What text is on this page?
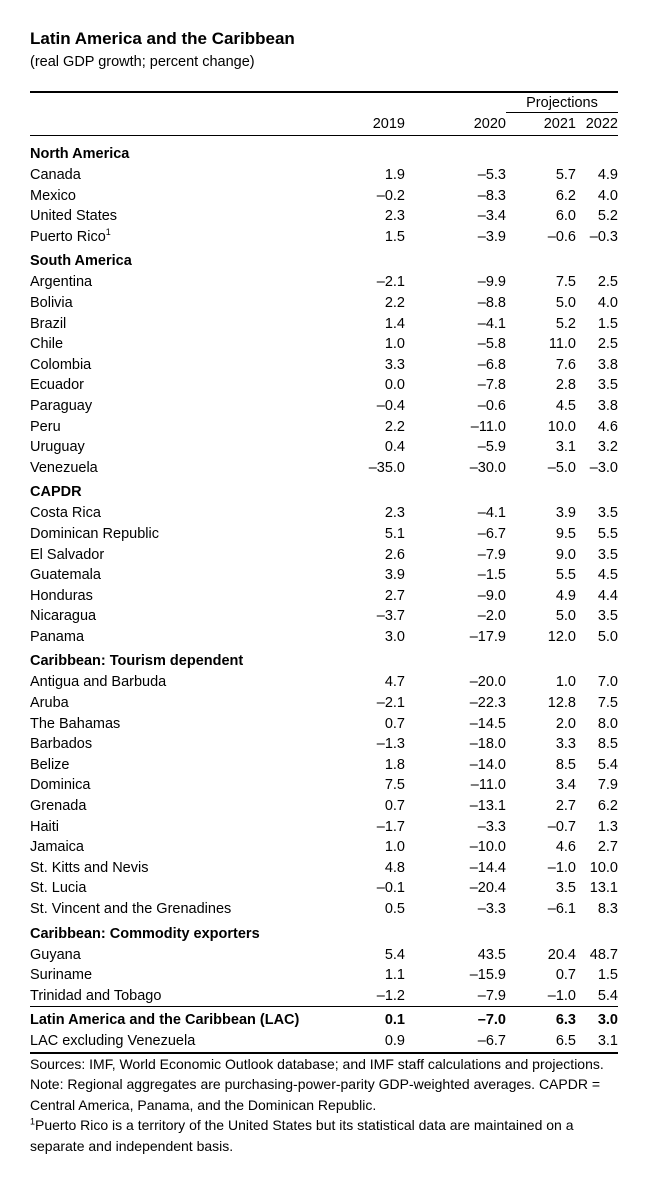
Latin America and the Caribbean
(real GDP growth; percent change)
Projections
2019	2020	2021 2022
North America				
Canada	1.9	–5.3	5.7	4.9
Mexico	–0.2	–8.3	6.2	4.0
United States	2.3	–3.4	6.0	5.2
Puerto Rico$^1$	1.5	–3.9	–0.6	–0.3
South America				
Argentina	–2.1	–9.9	7.5	2.5
Bolivia	2.2	–8.8	5.0	4.0
Brazil	1.4	–4.1	5.2	1.5
Chile	1.0	–5.8	11.0	2.5
Colombia	3.3	–6.8	7.6	3.8
Ecuador	0.0	–7.8	2.8	3.5
Paraguay	–0.4	–0.6	4.5	3.8
Peru	2.2	–11.0	10.0	4.6
Uruguay	0.4	–5.9	3.1	3.2
Venezuela	–35.0	–30.0	–5.0	–3.0
CAPDR				
Costa Rica	2.3	–4.1	3.9	3.5
Dominican Republic	5.1	–6.7	9.5	5.5
El Salvador	2.6	–7.9	9.0	3.5
Guatemala	3.9	–1.5	5.5	4.5
Honduras	2.7	–9.0	4.9	4.4
Nicaragua	–3.7	–2.0	5.0	3.5
Panama	3.0	–17.9	12.0	5.0
Caribbean: Tourism dependent				
Antigua and Barbuda	4.7	–20.0	1.0	7.0
Aruba	–2.1	–22.3	12.8	7.5
The Bahamas	0.7	–14.5	2.0	8.0
Barbados	–1.3	–18.0	3.3	8.5
Belize	1.8	–14.0	8.5	5.4
Dominica	7.5	–11.0	3.4	7.9
Grenada	0.7	–13.1	2.7	6.2
Haiti	–1.7	–3.3	–0.7	1.3
Jamaica	1.0	–10.0	4.6	2.7
St. Kitts and Nevis	4.8	–14.4	–1.0	10.0
St. Lucia	–0.1	–20.4	3.5	13.1
St. Vincent and the Grenadines	0.5	–3.3	–6.1	8.3
Caribbean: Commodity exporters				
Guyana	5.4	43.5	20.4	48.7
Suriname	1.1	–15.9	0.7	1.5
Trinidad and Tobago	–1.2	–7.9	–1.0	5.4
Latin America and the Caribbean (LAC)	0.1	–7.0	6.3	3.0
LAC excluding Venezuela	0.9	–6.7	6.5	3.1

Sources: IMF, World Economic Outlook database; and IMF staff calculations and projections.

Note: Regional aggregates are purchasing-power-parity GDP-weighted averages. CAPDR = Central America, Panama, and the Dominican Republic.

$^1$Puerto Rico is a territory of the United States but its statistical data are maintained on a separate and independent basis.
